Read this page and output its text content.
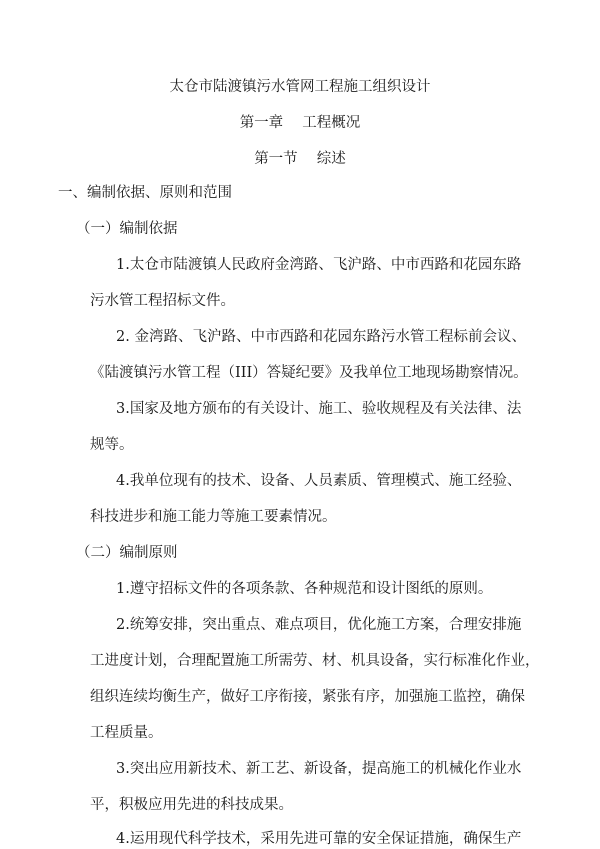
太仓市陆渡镇污水管网工程施工组织设计
第一章　 工程概况
第一节　 综述
一、编制依据、原则和范围
（一）编制依据
1.太仓市陆渡镇人民政府金湾路、飞沪路、中市西路和花园东路
污水管工程招标文件。
2. 金湾路、飞沪路、中市西路和花园东路污水管工程标前会议、
《陆渡镇污水管工程（III）答疑纪要》及我单位工地现场勘察情况。
3.国家及地方颁布的有关设计、施工、验收规程及有关法律、法
规等。
4.我单位现有的技术、设备、人员素质、管理模式、施工经验、
科技进步和施工能力等施工要素情况。
（二）编制原则
1.遵守招标文件的各项条款、各种规范和设计图纸的原则。
2.统筹安排，突出重点、难点项目，优化施工方案，合理安排施
工进度计划，合理配置施工所需劳、材、机具设备，实行标准化作业，
组织连续均衡生产，做好工序衔接，紧张有序，加强施工监控，确保
工程质量。
3.突出应用新技术、新工艺、新设备，提高施工的机械化作业水
平，积极应用先进的科技成果。
4.运用现代科学技术，采用先进可靠的安全保证措施，确保生产
